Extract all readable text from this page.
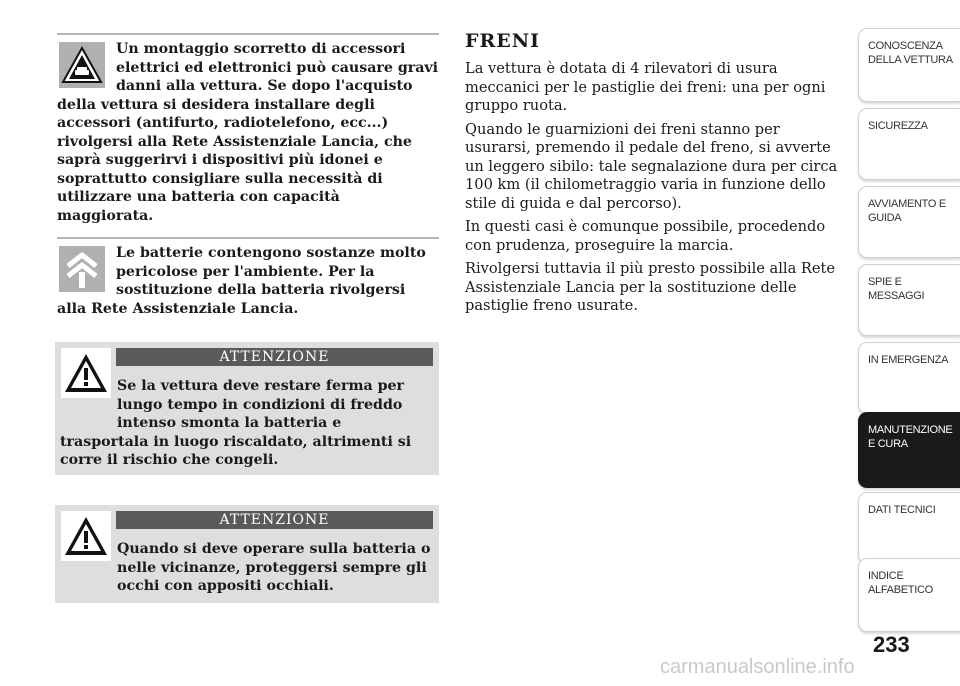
Un montaggio scorretto di accessori elettrici ed elettronici può causare gravi danni alla vettura. Se dopo l'acquisto della vettura si desidera installare degli accessori (antifurto, radiotelefono, ecc...) rivolgersi alla Rete Assistenziale Lancia, che saprà suggerirvi i dispositivi più idonei e soprattutto consigliare sulla necessità di utilizzare una batteria con capacità maggiorata.

Le batterie contengono sostanze molto pericolose per l'ambiente. Per la sostituzione della batteria rivolgersi alla Rete Assistenziale Lancia.

ATTENZIONE
Se la vettura deve restare ferma per lungo tempo in condizioni di freddo intenso smonta la batteria e trasportala in luogo riscaldato, altrimenti si corre il rischio che congeli.
ATTENZIONE
Quando si deve operare sulla batteria o nelle vicinanze, proteggersi sempre gli occhi con appositi occhiali.
FRENI

La vettura è dotata di 4 rilevatori di usura meccanici per le pastiglie dei freni: una per ogni gruppo ruota.

Quando le guarnizioni dei freni stanno per usurarsi, premendo il pedale del freno, si avverte un leggero sibilo: tale segnalazione dura per circa 100 km (il chilometraggio varia in funzione dello stile di guida e dal percorso).

In questi casi è comunque possibile, procedendo con prudenza, proseguire la marcia.

Rivolgersi tuttavia il più presto possibile alla Rete Assistenziale Lancia per la sostituzione delle pastiglie freno usurate.

CONOSCENZA DELLA VETTURA
SICUREZZA
AVVIAMENTO E GUIDA
SPIE E MESSAGGI
IN EMERGENZA
MANUTENZIONE E CURA
DATI TECNICI
INDICE ALFABETICO
233
carmanualsonline.info
